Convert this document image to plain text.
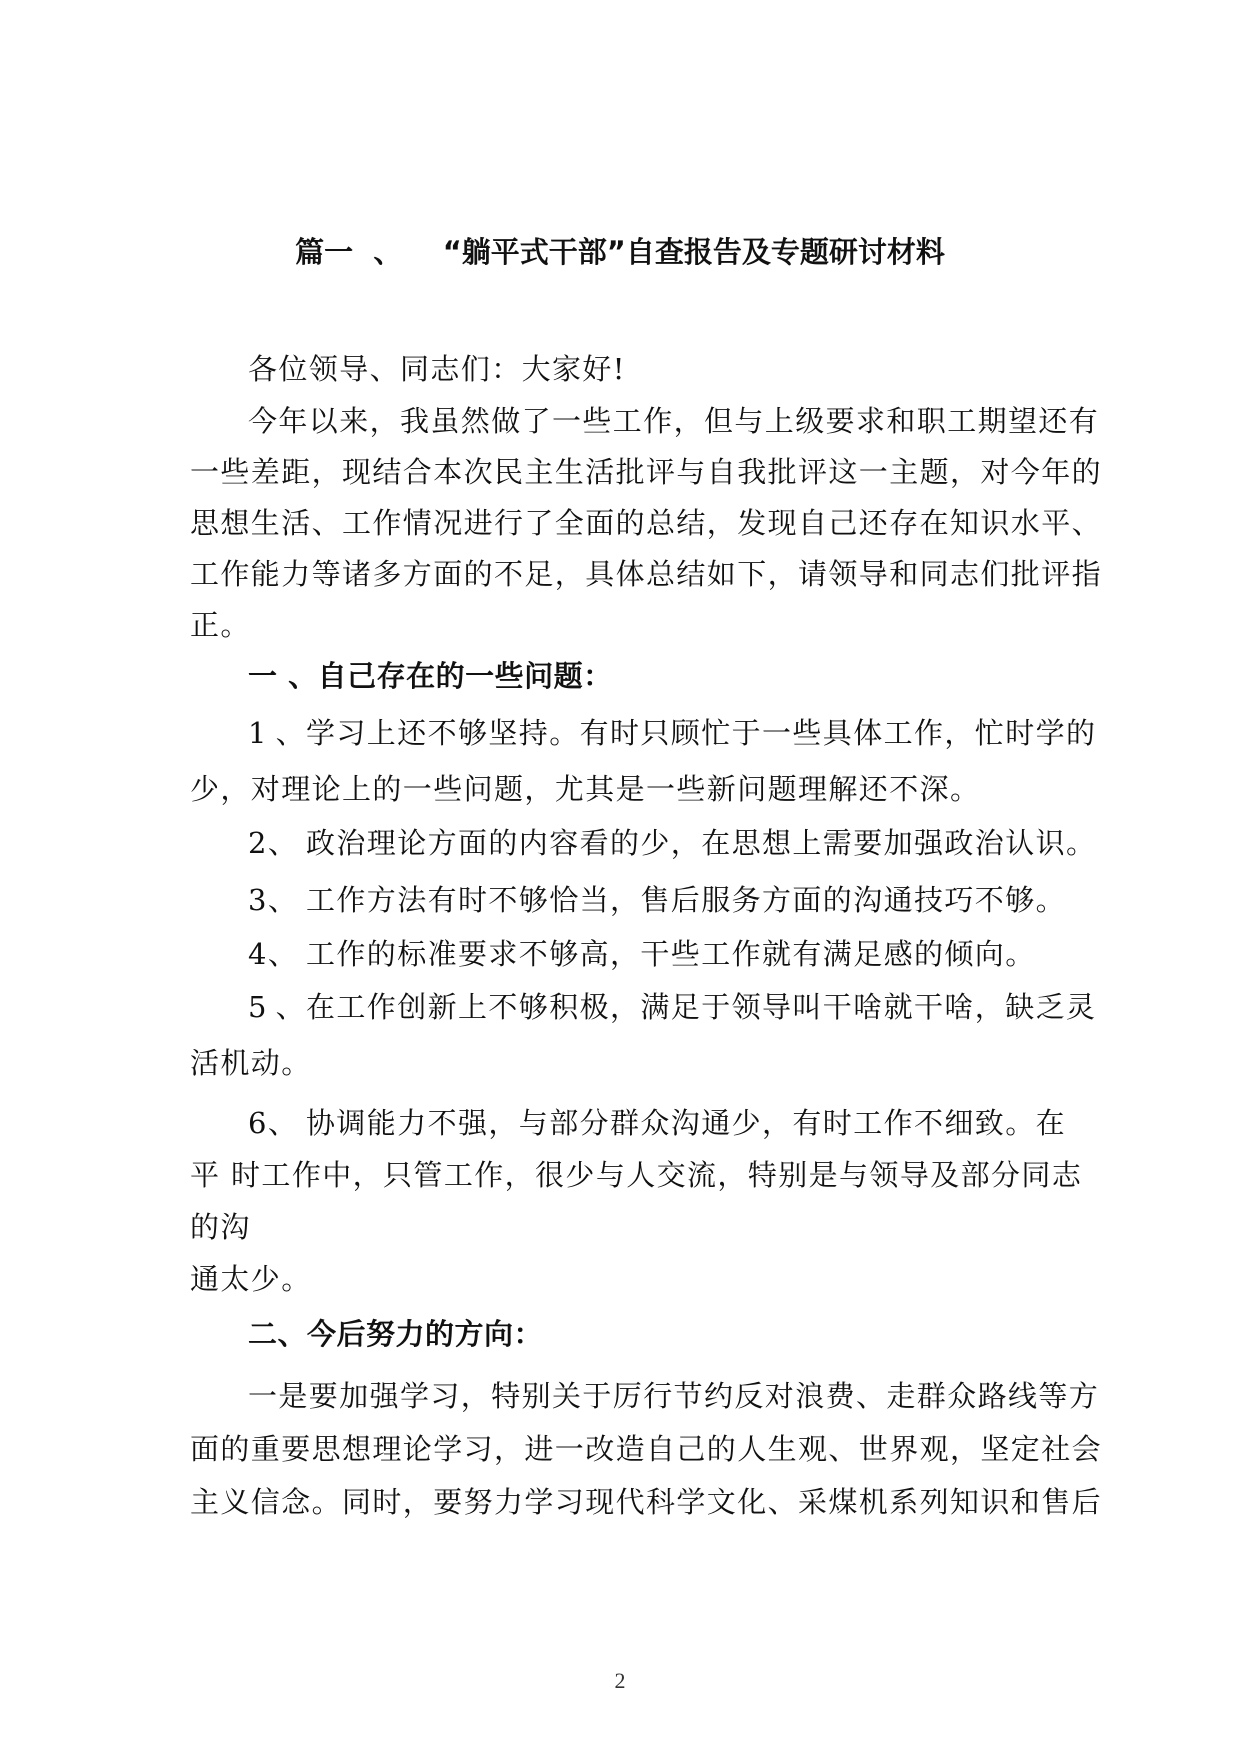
篇一  、    “躺平式干部”自查报告及专题研讨材料
各位领导、同志们：大家好!
今年以来，我虽然做了一些工作，但与上级要求和职工期望还有
一些差距，现结合本次民主生活批评与自我批评这一主题，对今年的
思想生活、工作情况进行了全面的总结，发现自己还存在知识水平、
工作能力等诸多方面的不足，具体总结如下，请领导和同志们批评指
正。
一 、自己存在的一些问题：
1、学习上还不够坚持。有时只顾忙于一些具体工作，忙时学的
少，对理论上的一些问题，尤其是一些新问题理解还不深。
2、 政治理论方面的内容看的少，在思想上需要加强政治认识。
3、 工作方法有时不够恰当，售后服务方面的沟通技巧不够。
4、 工作的标准要求不够高，干些工作就有满足感的倾向。
5、在工作创新上不够积极，满足于领导叫干啥就干啥，缺乏灵
活机动。
6、 协调能力不强，与部分群众沟通少，有时工作不细致。在
平 时工作中，只管工作，很少与人交流，特别是与领导及部分同志
的沟
通太少。
二、今后努力的方向：
一是要加强学习，特别关于厉行节约反对浪费、走群众路线等方
面的重要思想理论学习，进一改造自己的人生观、世界观，坚定社会
主义信念。同时，要努力学习现代科学文化、采煤机系列知识和售后
2
